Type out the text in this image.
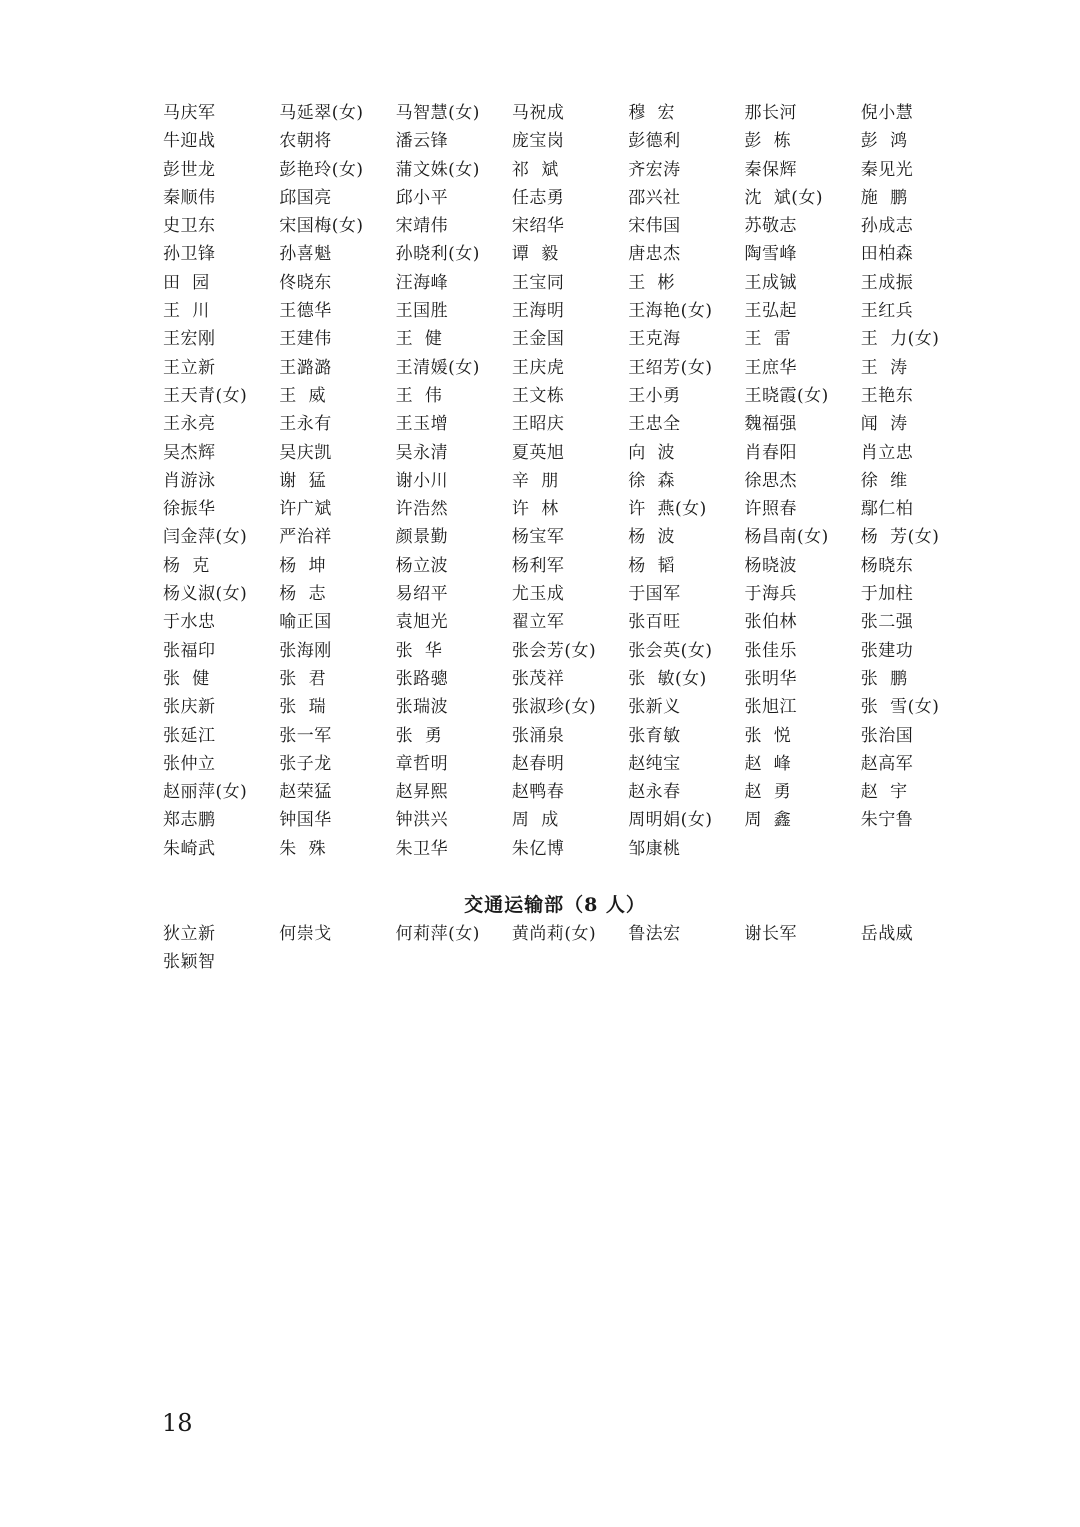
马庆军	马延翠(女)	马智慧(女)	马祝成	穆  宏	那长河	倪小慧
牛迎战	农朝将	潘云锋	庞宝岗	彭德利	彭  栋	彭  鸿
彭世龙	彭艳玲(女)	蒲文姝(女)	祁  斌	齐宏涛	秦保辉	秦见光
秦顺伟	邱国亮	邱小平	任志勇	邵兴社	沈  斌(女)	施  鹏
史卫东	宋国梅(女)	宋靖伟	宋绍华	宋伟国	苏敬志	孙成志
孙卫锋	孙喜魁	孙晓利(女)	谭  毅	唐忠杰	陶雪峰	田柏森
田  园	佟晓东	汪海峰	王宝同	王  彬	王成铖	王成振
王  川	王德华	王国胜	王海明	王海艳(女)	王弘起	王红兵
王宏刚	王建伟	王  健	王金国	王克海	王  雷	王  力(女)
王立新	王潞潞	王清媛(女)	王庆虎	王绍芳(女)	王庶华	王  涛
王天青(女)	王  威	王  伟	王文栋	王小勇	王晓霞(女)	王艳东
王永亮	王永有	王玉增	王昭庆	王忠全	魏福强	闻  涛
吴杰辉	吴庆凯	吴永清	夏英旭	向  波	肖春阳	肖立忠
肖游泳	谢  猛	谢小川	辛  朋	徐  森	徐思杰	徐  维
徐振华	许广斌	许浩然	许  林	许  燕(女)	许照春	鄢仁柏
闫金萍(女)	严治祥	颜景勤	杨宝军	杨  波	杨昌南(女)	杨  芳(女)
杨  克	杨  坤	杨立波	杨利军	杨  韬	杨晓波	杨晓东
杨义淑(女)	杨  志	易绍平	尤玉成	于国军	于海兵	于加柱
于水忠	喻正国	袁旭光	翟立军	张百旺	张伯林	张二强
张福印	张海刚	张  华	张会芳(女)	张会英(女)	张佳乐	张建功
张  健	张  君	张路骢	张茂祥	张  敏(女)	张明华	张  鹏
张庆新	张  瑞	张瑞波	张淑珍(女)	张新义	张旭江	张  雪(女)
张延江	张一军	张  勇	张涌泉	张育敏	张  悦	张治国
张仲立	张子龙	章哲明	赵春明	赵纯宝	赵  峰	赵高军
赵丽萍(女)	赵荣猛	赵昇熙	赵鸭春	赵永春	赵  勇	赵  宇
郑志鹏	钟国华	钟洪兴	周  成	周明娟(女)	周  鑫	朱宁鲁
朱崎武	朱  殊	朱卫华	朱亿博	邹康桃
交通运输部（8 人）
狄立新	何崇戈	何莉萍(女)	黄尚莉(女)	鲁法宏	谢长军	岳战威
张颖智
18
